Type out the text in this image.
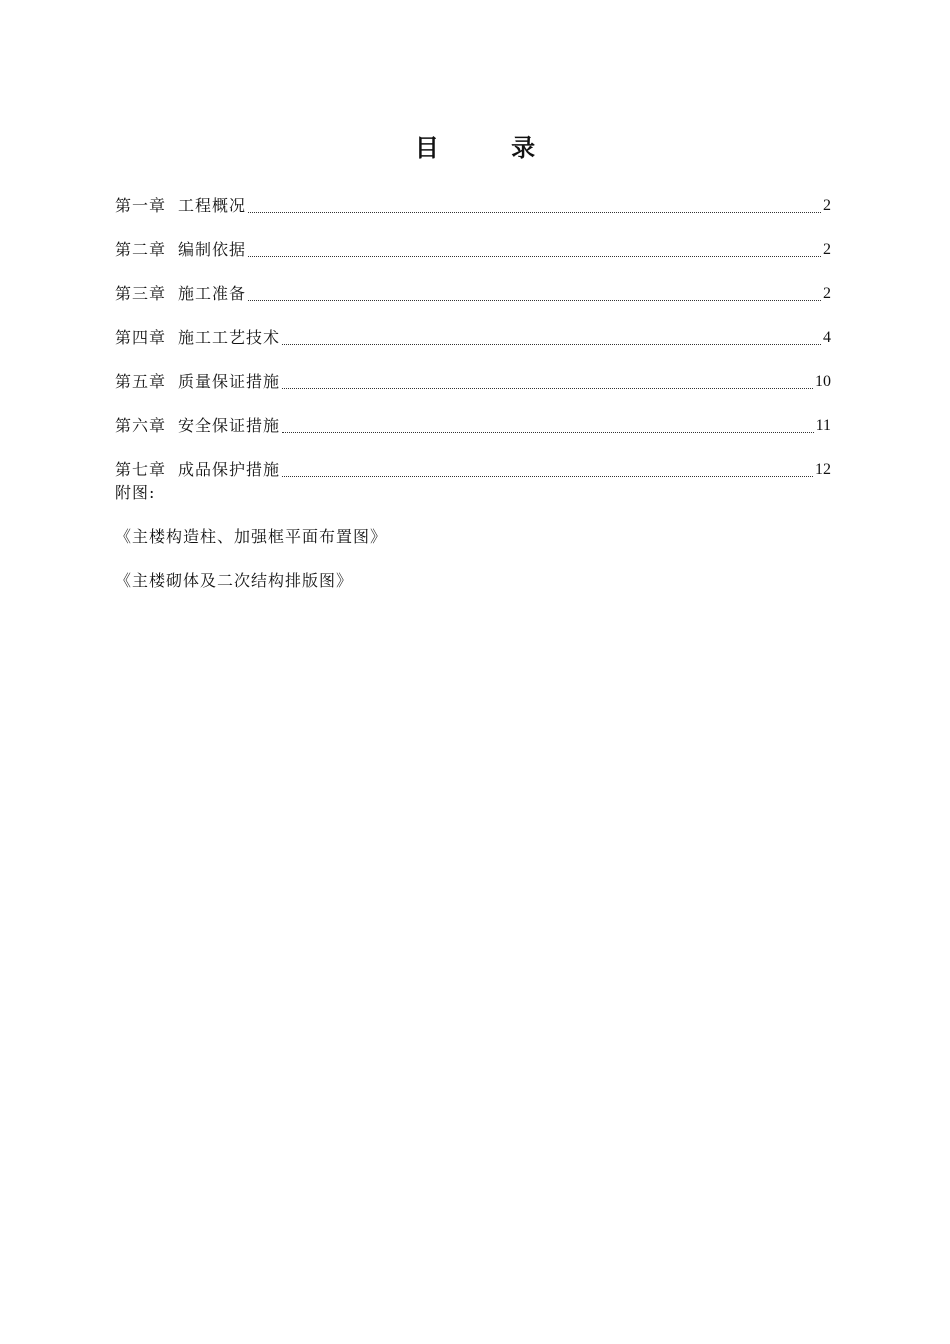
目 录
第一章 工程概况	2
第二章 编制依据	2
第三章 施工准备	2
第四章 施工工艺技术	4
第五章 质量保证措施	10
第六章 安全保证措施	11
第七章 成品保护措施	12
附图:
《主楼构造柱、加强框平面布置图》
《主楼砌体及二次结构排版图》
